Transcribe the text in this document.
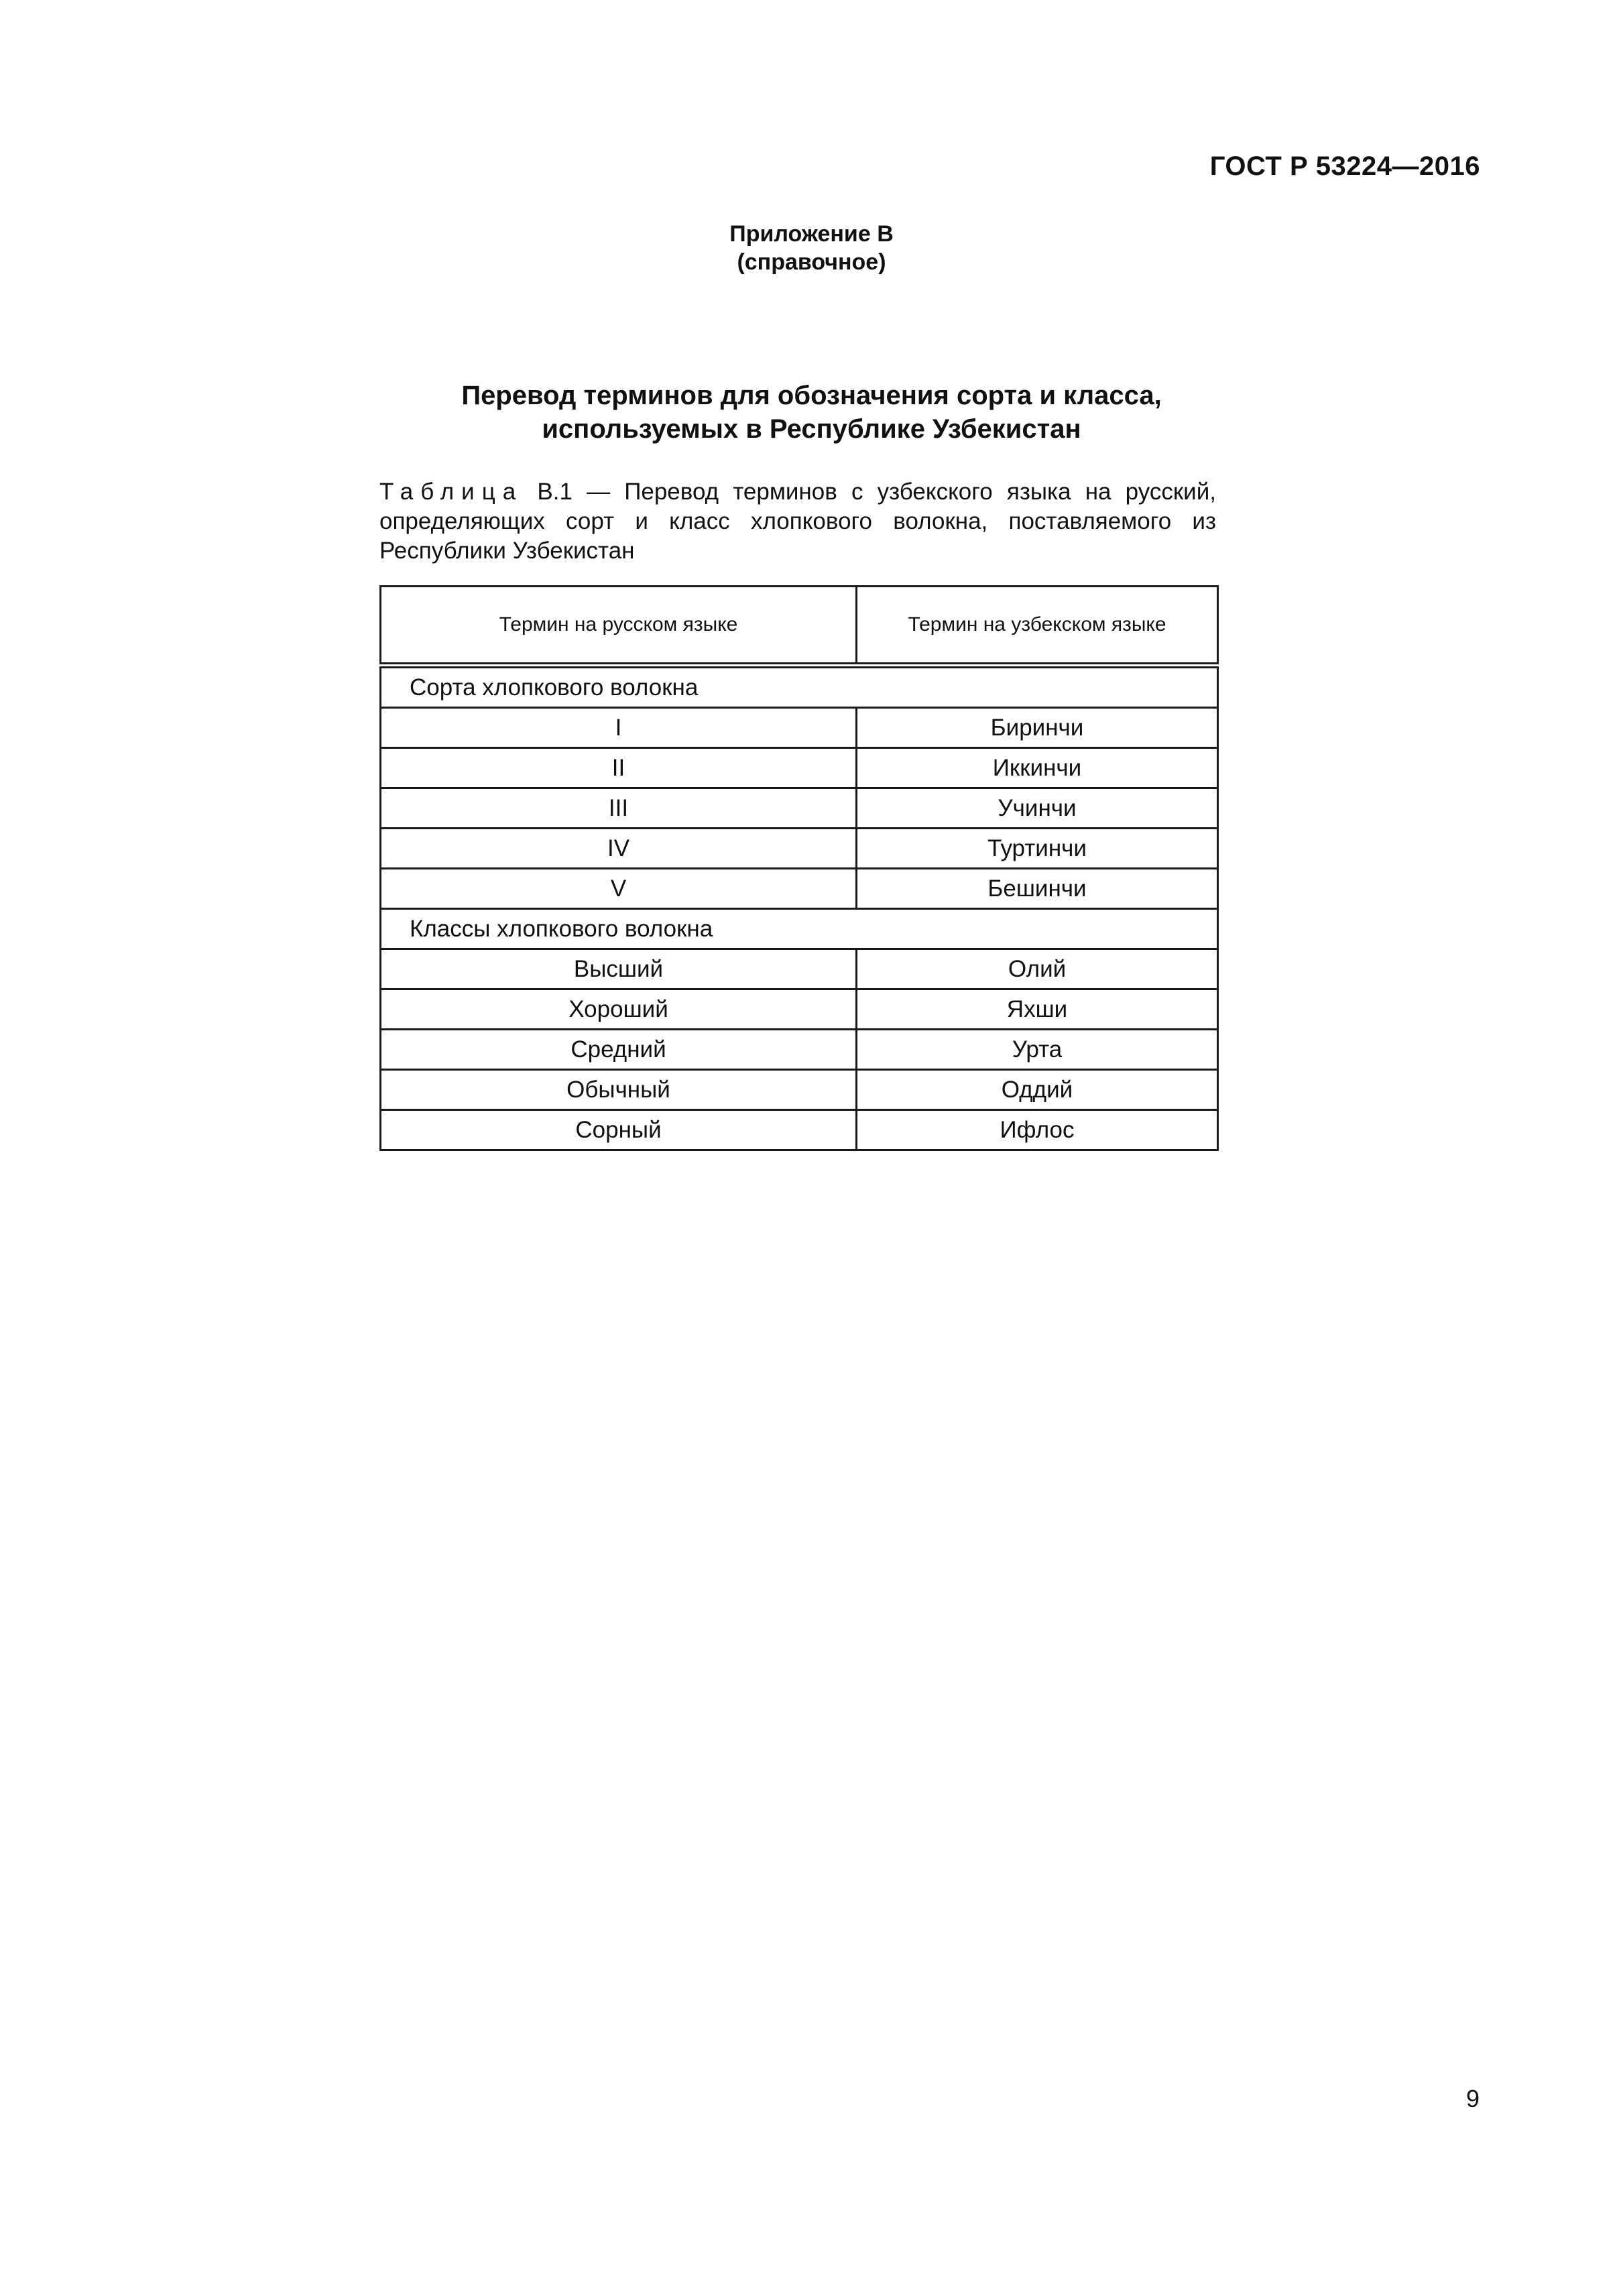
ГОСТ Р 53224—2016
Приложение В
(справочное)
Перевод терминов для обозначения сорта и класса,
используемых в Республике Узбекистан
Таблица В.1 — Перевод терминов с узбекского языка на русский, определяющих сорт и класс хлопкового волокна, поставляемого из Республики Узбекистан
Термин на русском языке	Термин на узбекском языке
Сорта хлопкового волокна	
I	Биринчи
II	Иккинчи
III	Учинчи
IV	Туртинчи
V	Бешинчи
Классы хлопкового волокна	
Высший	Олий
Хороший	Яхши
Средний	Урта
Обычный	Оддий
Сорный	Ифлос
9
